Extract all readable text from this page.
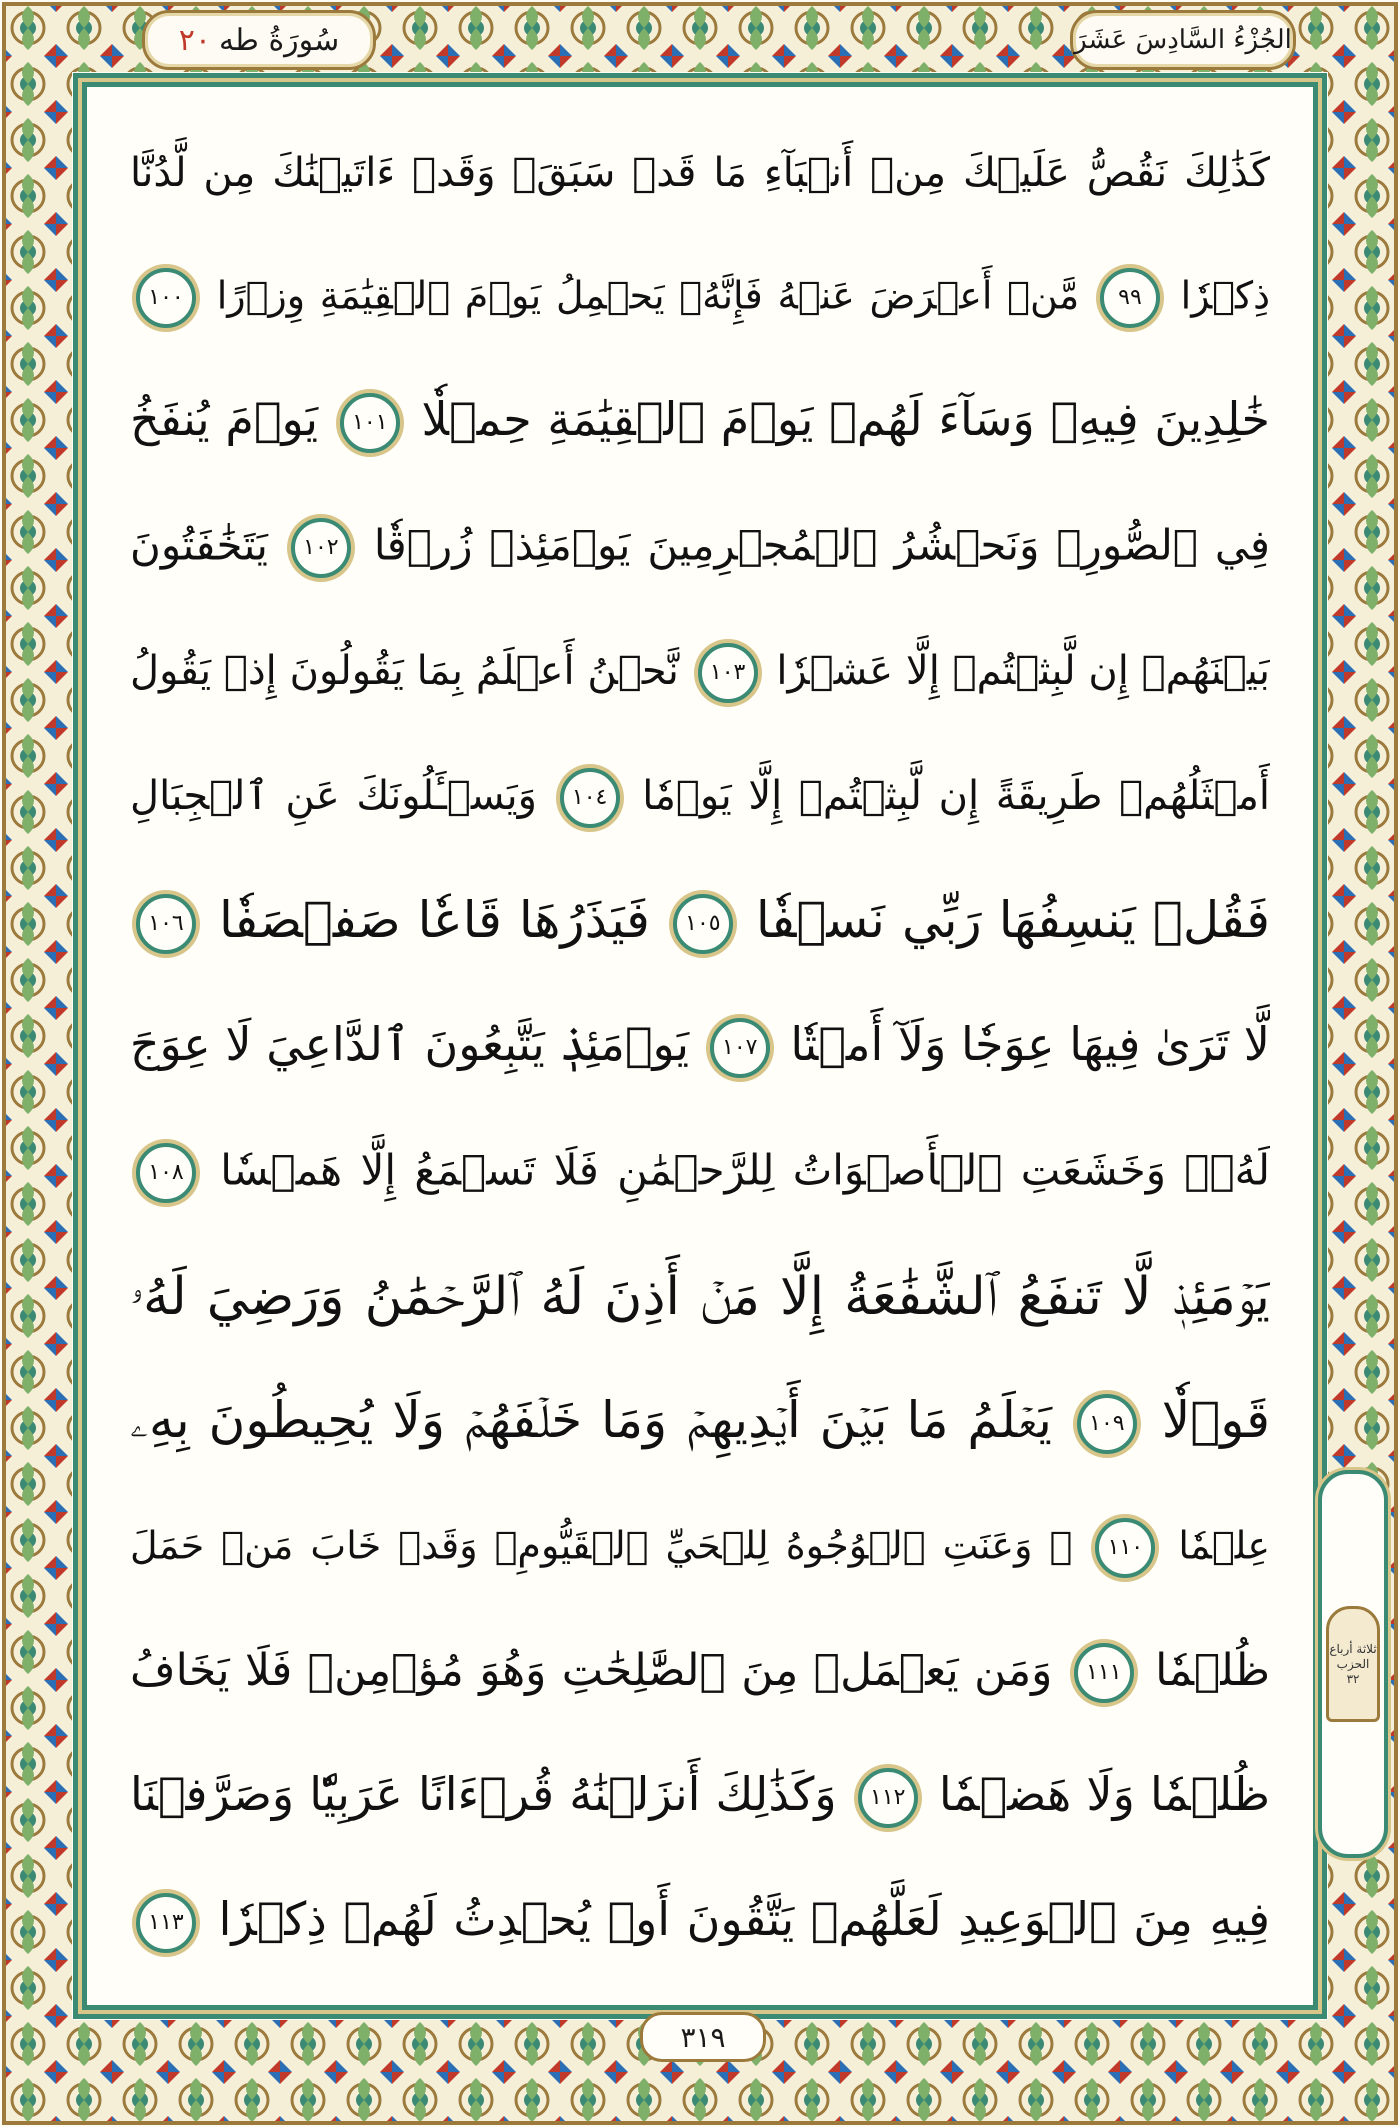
سُورَةُ طه
٢٠	الجُزْءُ السَّادِسَ عَشَرَ
كَذَٰلِكَ نَقُصُّ عَلَيۡكَ مِنۡ أَنۢبَآءِ مَا قَدۡ سَبَقَۚ وَقَدۡ ءَاتَيۡنَٰكَ مِن لَّدُنَّا
ذِكۡرٗا ٩٩ مَّنۡ أَعۡرَضَ عَنۡهُ فَإِنَّهُۥ يَحۡمِلُ يَوۡمَ ٱلۡقِيَٰمَةِ وِزۡرًا ١٠٠
خَٰلِدِينَ فِيهِۖ وَسَآءَ لَهُمۡ يَوۡمَ ٱلۡقِيَٰمَةِ حِمۡلٗا ١٠١ يَوۡمَ يُنفَخُ
فِي ٱلصُّورِۚ وَنَحۡشُرُ ٱلۡمُجۡرِمِينَ يَوۡمَئِذٖ زُرۡقٗا ١٠٢ يَتَخَٰفَتُونَ
بَيۡنَهُمۡ إِن لَّبِثۡتُمۡ إِلَّا عَشۡرٗا ١٠٣ نَّحۡنُ أَعۡلَمُ بِمَا يَقُولُونَ إِذۡ يَقُولُ
أَمۡثَلُهُمۡ طَرِيقَةً إِن لَّبِثۡتُمۡ إِلَّا يَوۡمٗا ١٠٤ وَيَسۡـَٔلُونَكَ عَنِ ٱلۡجِبَالِ
فَقُلۡ يَنسِفُهَا رَبِّي نَسۡفٗا ١٠٥ فَيَذَرُهَا قَاعٗا صَفۡصَفٗا ١٠٦
لَّا تَرَىٰ فِيهَا عِوَجٗا وَلَآ أَمۡتٗا ١٠٧ يَوۡمَئِذٖ يَتَّبِعُونَ ٱلدَّاعِيَ لَا عِوَجَ
لَهُۥۖ وَخَشَعَتِ ٱلۡأَصۡوَاتُ لِلرَّحۡمَٰنِ فَلَا تَسۡمَعُ إِلَّا هَمۡسٗا ١٠٨
يَوۡمَئِذٖ لَّا تَنفَعُ ٱلشَّفَٰعَةُ إِلَّا مَنۡ أَذِنَ لَهُ ٱلرَّحۡمَٰنُ وَرَضِيَ لَهُۥ
قَوۡلٗا ١٠٩ يَعۡلَمُ مَا بَيۡنَ أَيۡدِيهِمۡ وَمَا خَلۡفَهُمۡ وَلَا يُحِيطُونَ بِهِۦ
عِلۡمٗا ١١٠ ۞ وَعَنَتِ ٱلۡوُجُوهُ لِلۡحَيِّ ٱلۡقَيُّومِۖ وَقَدۡ خَابَ مَنۡ حَمَلَ
ظُلۡمٗا ١١١ وَمَن يَعۡمَلۡ مِنَ ٱلصَّٰلِحَٰتِ وَهُوَ مُؤۡمِنٞ فَلَا يَخَافُ
ظُلۡمٗا وَلَا هَضۡمٗا ١١٢ وَكَذَٰلِكَ أَنزَلۡنَٰهُ قُرۡءَانًا عَرَبِيّٗا وَصَرَّفۡنَا
فِيهِ مِنَ ٱلۡوَعِيدِ لَعَلَّهُمۡ يَتَّقُونَ أَوۡ يُحۡدِثُ لَهُمۡ ذِكۡرٗا ١١٣
ثلاثة أرباع
الحزب
٣٢
٣١٩
